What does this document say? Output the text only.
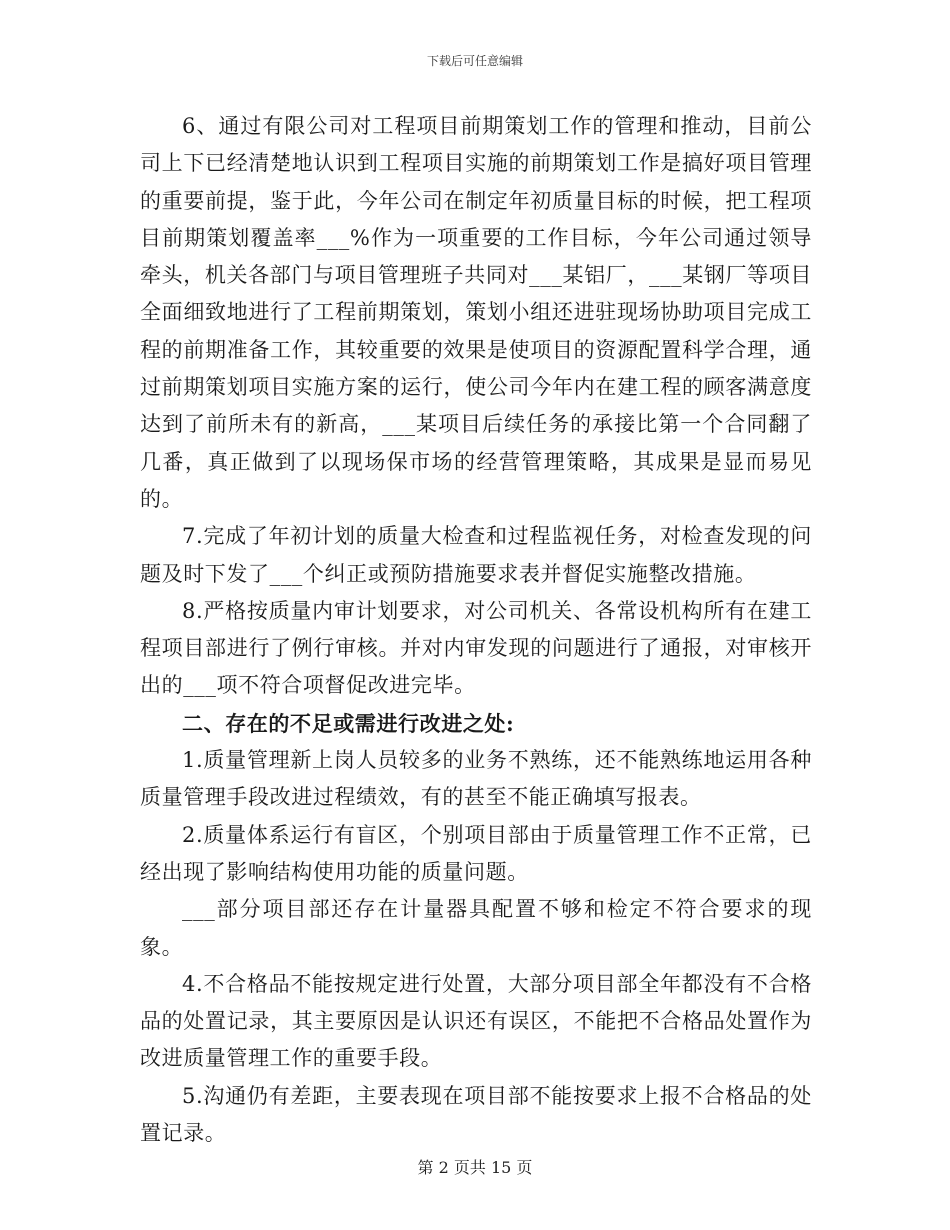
下载后可任意编辑

6、通过有限公司对工程项目前期策划工作的管理和推动，目前公司上下已经清楚地认识到工程项目实施的前期策划工作是搞好项目管理的重要前提，鉴于此，今年公司在制定年初质量目标的时候，把工程项目前期策划覆盖率___%作为一项重要的工作目标，今年公司通过领导牵头，机关各部门与项目管理班子共同对___某铝厂，___某钢厂等项目全面细致地进行了工程前期策划，策划小组还进驻现场协助项目完成工程的前期准备工作，其较重要的效果是使项目的资源配置科学合理，通过前期策划项目实施方案的运行，使公司今年内在建工程的顾客满意度达到了前所未有的新高，___某项目后续任务的承接比第一个合同翻了几番，真正做到了以现场保市场的经营管理策略，其成果是显而易见的。

7.完成了年初计划的质量大检查和过程监视任务，对检查发现的问题及时下发了___个纠正或预防措施要求表并督促实施整改措施。

8.严格按质量内审计划要求，对公司机关、各常设机构所有在建工程项目部进行了例行审核。并对内审发现的问题进行了通报，对审核开出的___项不符合项督促改进完毕。

二、存在的不足或需进行改进之处:

1.质量管理新上岗人员较多的业务不熟练，还不能熟练地运用各种质量管理手段改进过程绩效，有的甚至不能正确填写报表。

2.质量体系运行有盲区，个别项目部由于质量管理工作不正常，已经出现了影响结构使用功能的质量问题。

___部分项目部还存在计量器具配置不够和检定不符合要求的现象。

4.不合格品不能按规定进行处置，大部分项目部全年都没有不合格品的处置记录，其主要原因是认识还有误区，不能把不合格品处置作为改进质量管理工作的重要手段。

5.沟通仍有差距，主要表现在项目部不能按要求上报不合格品的处置记录。

第 2 页共 15 页
